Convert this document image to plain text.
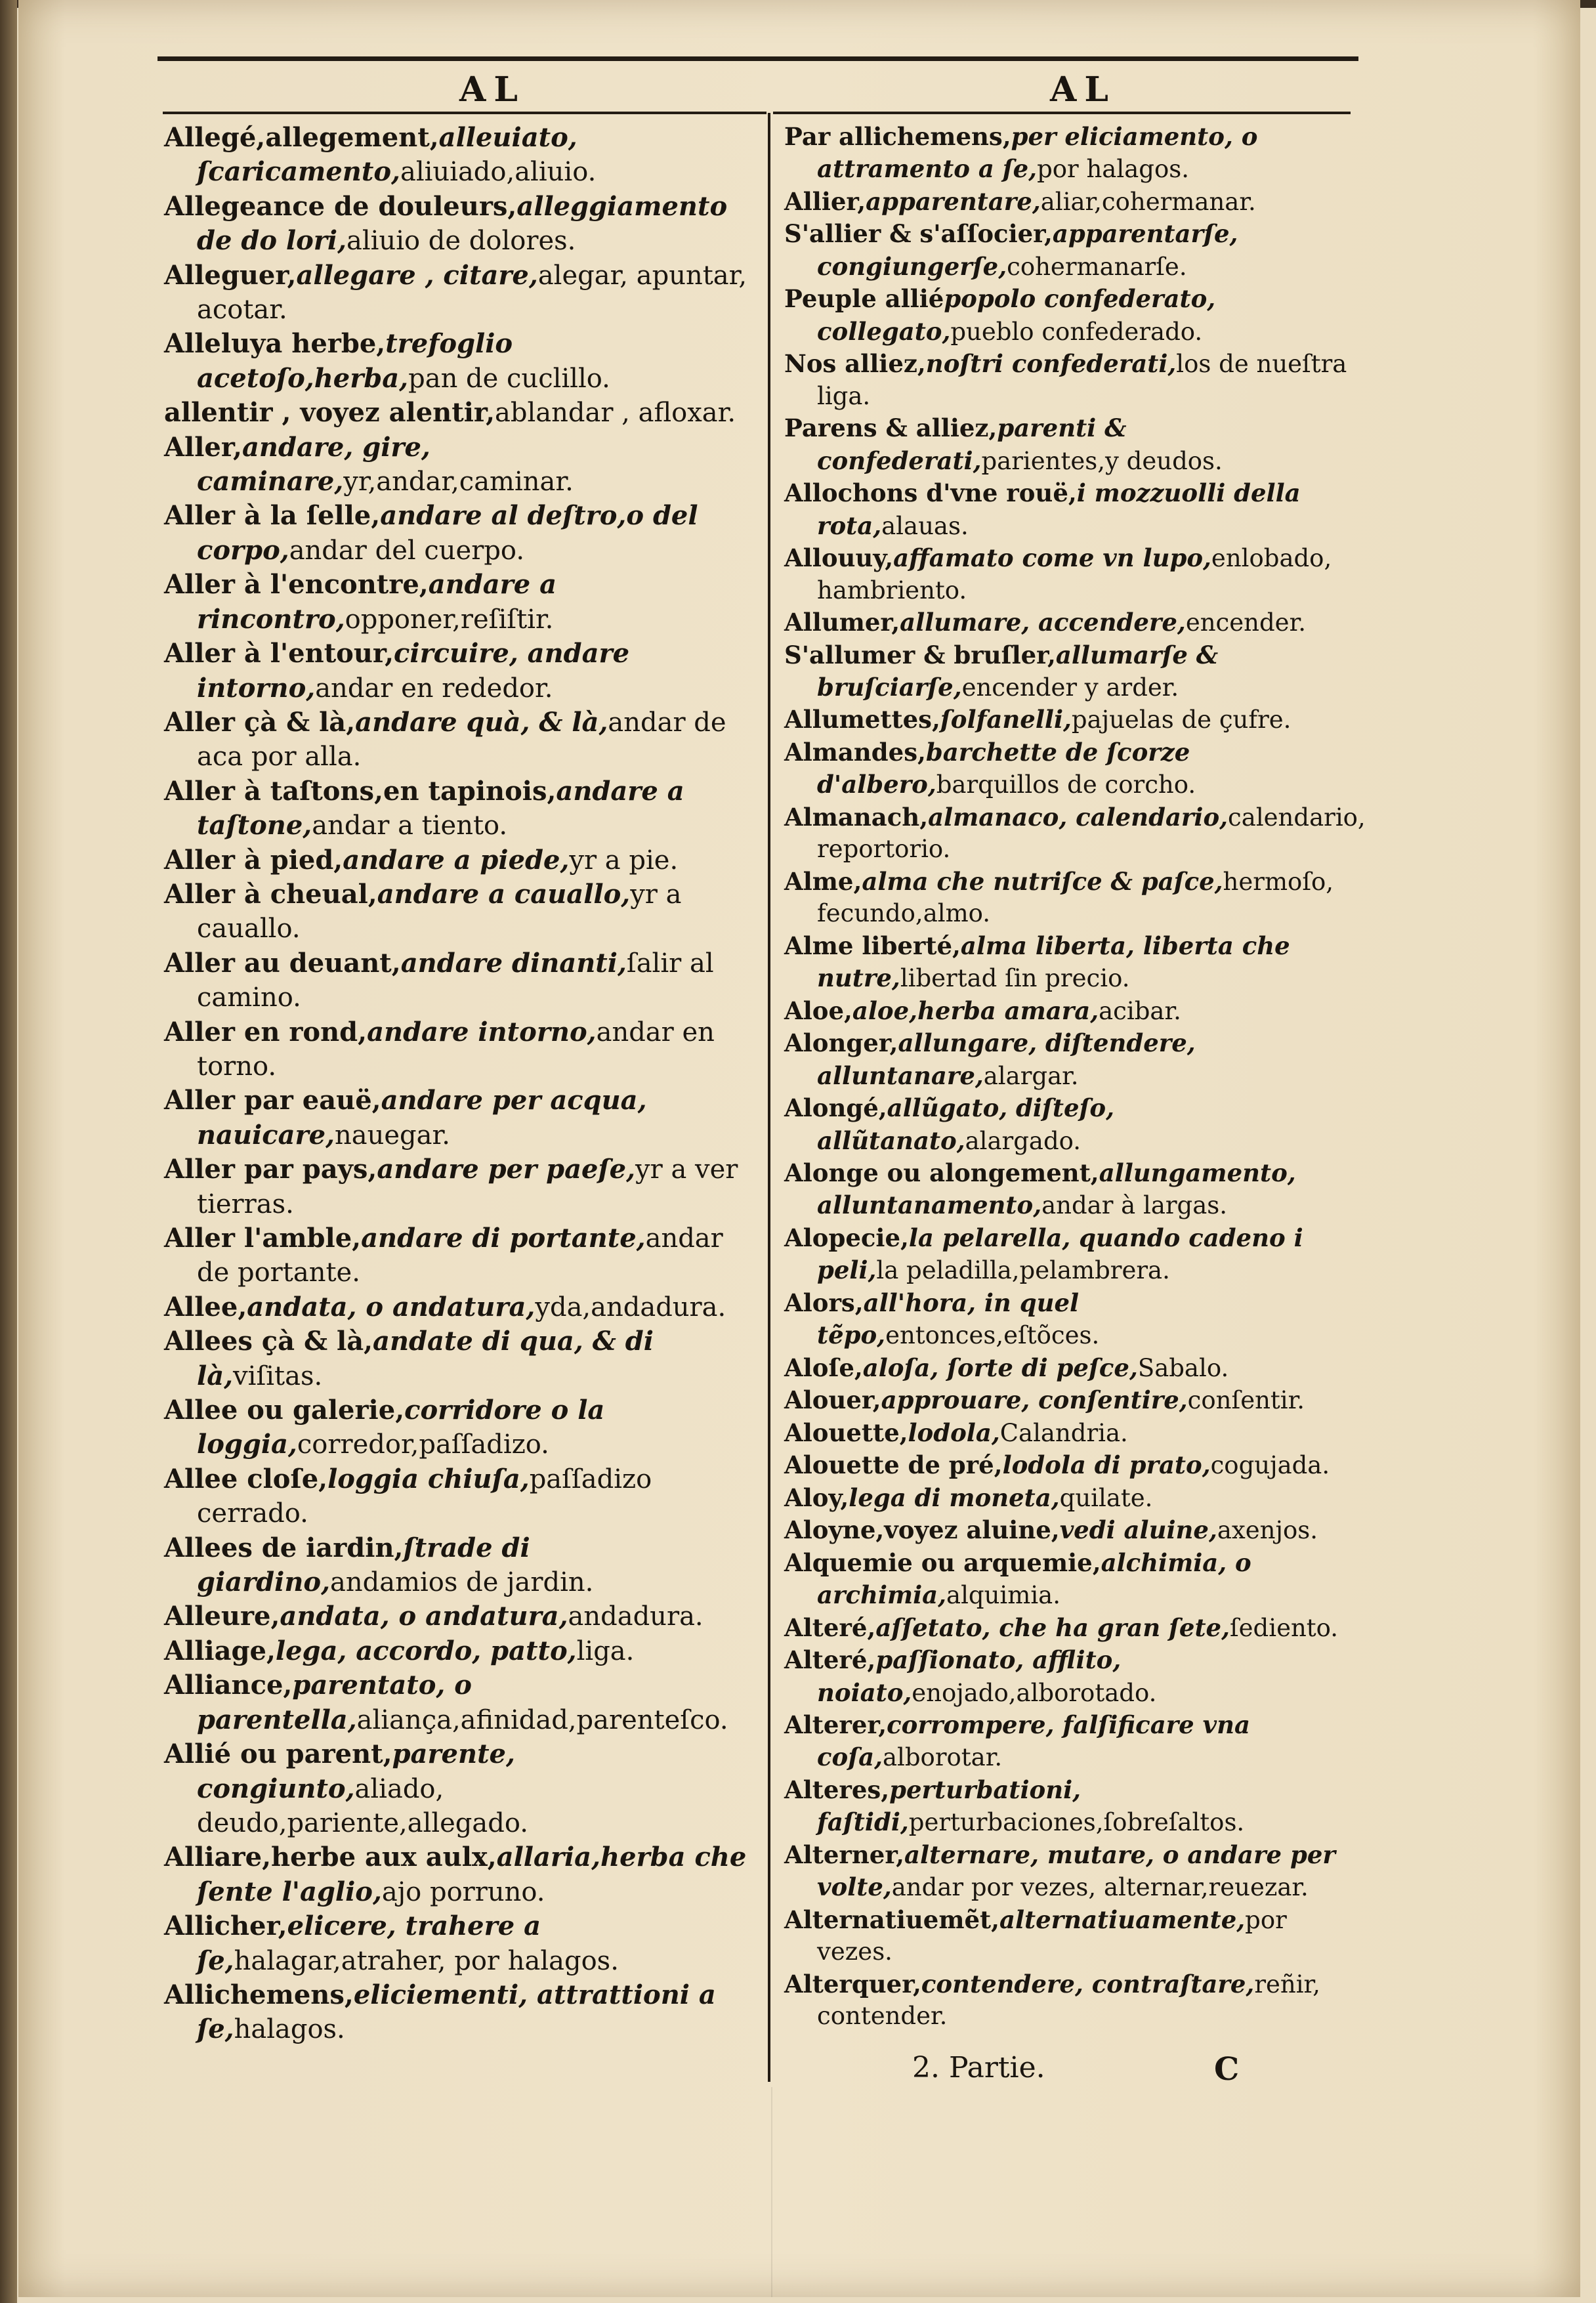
AL	AL

Allegé,allegement,alleuiato, ſcaricamento,aliuiado,aliuio.

Allegeance de douleurs,alleggiamento de do lori,aliuio de dolores.

Alleguer,allegare , citare,alegar, apuntar, acotar.

Alleluya herbe,trefoglio acetoſo,herba,pan de cuclillo.

allentir , voyez alentir,ablandar , afloxar.

Aller,andare, gire, caminare,yr,andar,caminar.

Aller à la ſelle,andare al deſtro,o del corpo,andar del cuerpo.

Aller à l'encontre,andare a rincontro,opponer,reſiſtir.

Aller à l'entour,circuire, andare intorno,andar en rededor.

Aller çà & là,andare quà, & là,andar de aca por alla.

Aller à taſtons,en tapinois,andare a taſtone,andar a tiento.

Aller à pied,andare a piede,yr a pie.

Aller à cheual,andare a cauallo,yr a cauallo.

Aller au deuant,andare dinanti,ſalir al camino.

Aller en rond,andare intorno,andar en torno.

Aller par eauë,andare per acqua, nauicare,nauegar.

Aller par pays,andare per paeſe,yr a ver tierras.

Aller l'amble,andare di portante,andar de portante.

Allee,andata, o andatura,yda,andadura.

Allees çà & là,andate di qua, & di là,viſitas.

Allee ou galerie,corridore o la loggia,corredor,paſſadizo.

Allee cloſe,loggia chiuſa,paſſadizo cerrado.

Allees de iardin,ſtrade di giardino,andamios de jardin.

Alleure,andata, o andatura,andadura.

Alliage,lega, accordo, patto,liga.

Alliance,parentato, o parentella,aliança,afinidad,parenteſco.

Allié ou parent,parente, congiunto,aliado, deudo,pariente,allegado.

Alliare,herbe aux aulx,allaria,herba che ſente l'aglio,ajo porruno.

Allicher,elicere, trahere a ſe,halagar,atraher, por halagos.

Allichemens,eliciementi, attrattioni a ſe,halagos.

Par allichemens,per eliciamento, o attramento a ſe,por halagos.

Allier,apparentare,aliar,cohermanar.

S'allier & s'aſſocier,apparentarſe, congiungerſe,cohermanarſe.

Peuple alliépopolo confederato, collegato,pueblo confederado.

Nos alliez,noſtri confederati,los de nueſtra liga.

Parens & alliez,parenti & confederati,parientes,y deudos.

Allochons d'vne rouë,i mozzuolli della rota,alauas.

Allouuy,affamato come vn lupo,enlobado, hambriento.

Allumer,allumare, accendere,encender.

S'allumer & bruſler,allumarſe & bruſciarſe,encender y arder.

Allumettes,ſolfanelli,pajuelas de çufre.

Almandes,barchette de ſcorze d'albero,barquillos de corcho.

Almanach,almanaco, calendario,calendario, reportorio.

Alme,alma che nutriſce & paſce,hermoſo, fecundo,almo.

Alme liberté,alma liberta, liberta che nutre,libertad ſin precio.

Aloe,aloe,herba amara,acibar.

Alonger,allungare, diſtendere, alluntanare,alargar.

Alongé,allũgato, diſteſo, allũtanato,alargado.

Alonge ou alongement,allungamento, alluntanamento,andar à largas.

Alopecie,la pelarella, quando cadeno i peli,la peladilla,pelambrera.

Alors,all'hora, in quel tẽpo,entonces,eſtõces.

Aloſe,aloſa, ſorte di peſce,Sabalo.

Alouer,approuare, conſentire,conſentir.

Alouette,lodola,Calandria.

Alouette de pré,lodola di prato,cogujada.

Aloy,lega di moneta,quilate.

Aloyne,voyez aluine,vedi aluine,axenjos.

Alquemie ou arquemie,alchimia, o archimia,alquimia.

Alteré,aſſetato, che ha gran ſete,ſediento.

Alteré,paſſionato, afflito, noiato,enojado,alborotado.

Alterer,corrompere, falſificare vna coſa,alborotar.

Alteres,perturbationi, faſtidi,perturbaciones,ſobreſaltos.

Alterner,alternare, mutare, o andare per volte,andar por vezes, alternar,reuezar.

Alternatiuemẽt,alternatiuamente,por vezes.

Alterquer,contendere, contraſtare,reñir, contender.

2. Partie.	C
